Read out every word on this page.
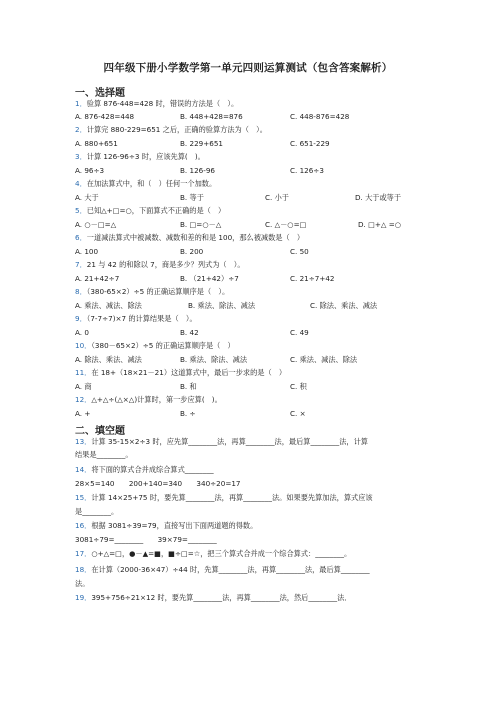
四年级下册小学数学第一单元四则运算测试（包含答案解析）
一、选择题
1．验算 876-448=428 时，错误的方法是（　）。
A. 876-428=448	B. 448+428=876	C. 448-876=428
2．计算完 880-229=651 之后，正确的验算方法为（　）。
A. 880+651	B. 229+651	C. 651-229
3．计算 126-96÷3 时，应该先算(　)。
A. 96÷3	B. 126-96	C. 126÷3
4．在加法算式中，和（　）任何一个加数。
A. 大于	B. 等于	C. 小于	D. 大于或等于
5．已知△+□=○，下面算式不正确的是（　）
A. ○－□=△	B. □=○－△	C. △－○=□	D. □+△ =○
6．一道减法算式中被减数、减数和差的和是 100，那么被减数是（　）
A. 100	B. 200	C. 50
7．21 与 42 的和除以 7，商是多少？列式为（　）。
A. 21+42÷7	B. （21+42）÷7	C. 21÷7+42
8．（380-65×2）÷5 的正确运算顺序是（　）。
A. 乘法、减法、除法	B. 乘法、除法、减法	C. 除法、乘法、减法
9．（7-7÷7)×7 的计算结果是（　）。
A. 0	B. 42	C. 49
10．（380－65×2）÷5 的正确运算顺序是（　）
A. 除法、乘法、减法	B. 乘法、除法、减法	C. 乘法、减法、除法
11．在 18+（18×21－21）这道算式中，最后一步求的是（　）
A. 商	B. 和	C. 积
12．△+△÷(△×△)计算时，第一步应算(　)。
A. +	B. ÷	C. ×
二、填空题
13．计算 35-15×2÷3 时，应先算________法，再算________法，最后算________法，计算
结果是________。
14．将下面的算式合并成综合算式________
28×5=140　　200+140=340　　340÷20=17
15．计算 14×25+75 时，要先算________法，再算________法。如果要先算加法，算式应该
是________。
16．根据 3081÷39=79，直接写出下面两道题的得数。
3081÷79=________　　39×79=________
17．○+△=□，●－▲=■，■÷□=☆，把三个算式合并成一个综合算式：________。
18．在计算（2000-36×47）÷44 时，先算________法，再算________法，最后算________
法。
19．395+756÷21×12 时，要先算________法，再算________法，然后________法．
